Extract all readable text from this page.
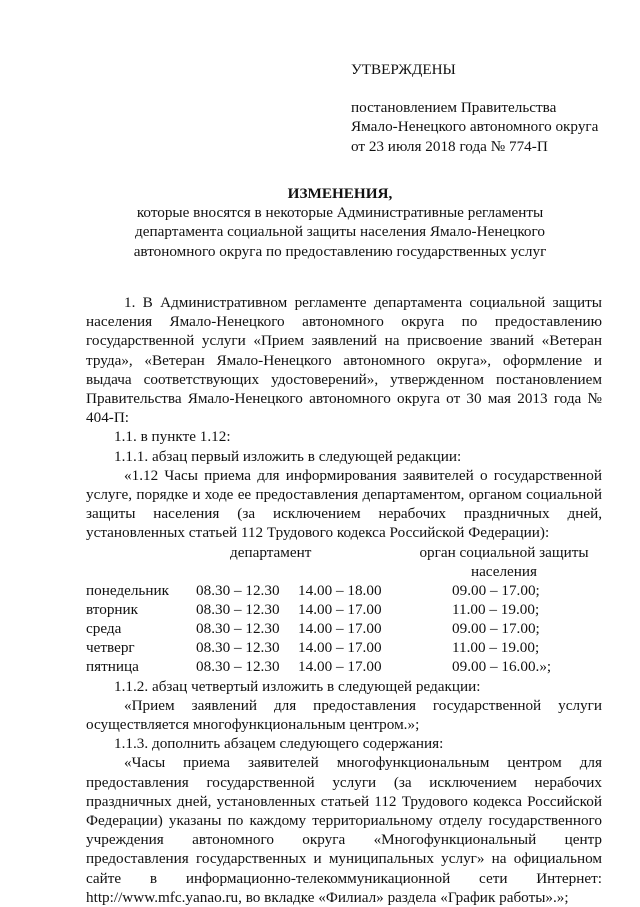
УТВЕРЖДЕНЫ
постановлением Правительства
Ямало-Ненецкого автономного округа
от 23 июля 2018 года № 774-П
ИЗМЕНЕНИЯ,
которые вносятся в некоторые Административные регламенты
департамента социальной защиты населения Ямало-Ненецкого
автономного округа по предоставлению государственных услуг
1. В Административном регламенте департамента социальной защиты населения Ямало-Ненецкого автономного округа по предоставлению государственной услуги «Прием заявлений на присвоение званий «Ветеран труда», «Ветеран Ямало-Ненецкого автономного округа», оформление и выдача соответствующих удостоверений», утвержденном постановлением Правительства Ямало-Ненецкого автономного округа от 30 мая 2013 года № 404-П:
1.1. в пункте 1.12:
1.1.1. абзац первый изложить в следующей редакции:
«1.12 Часы приема для информирования заявителей о государственной услуге, порядке и ходе ее предоставления департаментом, органом социальной защиты населения (за исключением нерабочих праздничных дней, установленных статьей 112 Трудового кодекса Российской Федерации):
департамент	орган социальной защиты
населения
понедельник 08.30 – 12.30 14.00 – 18.00	09.00 – 17.00;
вторник	08.30 – 12.30 14.00 – 17.00	11.00 – 19.00;
среда	08.30 – 12.30 14.00 – 17.00	09.00 – 17.00;
четверг	08.30 – 12.30 14.00 – 17.00	11.00 – 19.00;
пятница	08.30 – 12.30 14.00 – 17.00	09.00 – 16.00.»;
1.1.2. абзац четвертый изложить в следующей редакции:
«Прием заявлений для предоставления государственной услуги осуществляется многофункциональным центром.»;
1.1.3. дополнить абзацем следующего содержания:
«Часы приема заявителей многофункциональным центром для предоставления государственной услуги (за исключением нерабочих праздничных дней, установленных статьей 112 Трудового кодекса Российской Федерации) указаны по каждому территориальному отделу государственного учреждения автономного округа «Многофункциональный центр предоставления государственных и муниципальных услуг» на официальном сайте в информационно-телекоммуникационной сети Интернет: http://www.mfc.yanao.ru, во вкладке «Филиал» раздела «График работы».»;
